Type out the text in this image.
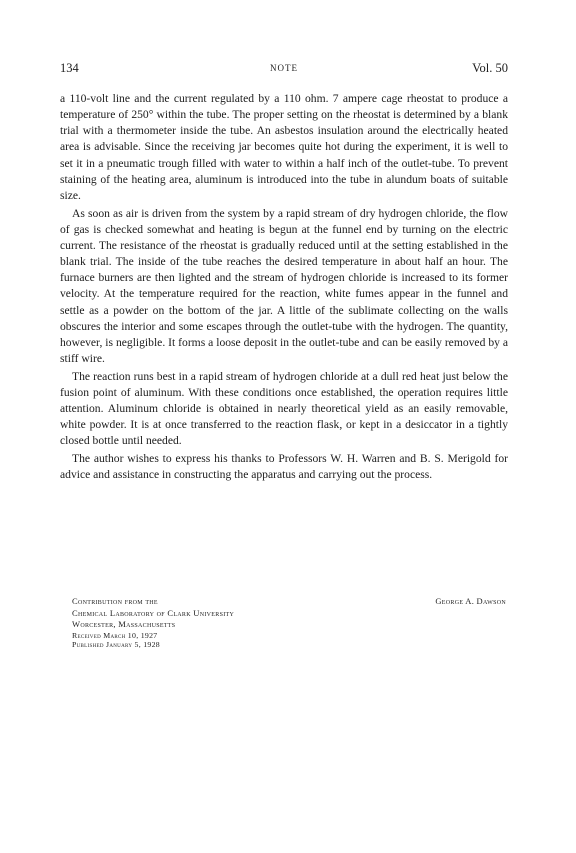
134	NOTE	Vol. 50

a 110-volt line and the current regulated by a 110 ohm. 7 ampere cage rheostat to produce a temperature of 250° within the tube. The proper setting on the rheostat is determined by a blank trial with a thermometer inside the tube. An asbestos insulation around the electrically heated area is advisable. Since the receiving jar becomes quite hot during the experiment, it is well to set it in a pneumatic trough filled with water to within a half inch of the outlet-tube. To prevent staining of the heating area, aluminum is introduced into the tube in alundum boats of suitable size.

As soon as air is driven from the system by a rapid stream of dry hydrogen chloride, the flow of gas is checked somewhat and heating is begun at the funnel end by turning on the electric current. The resistance of the rheostat is gradually reduced until at the setting established in the blank trial. The inside of the tube reaches the desired temperature in about half an hour. The furnace burners are then lighted and the stream of hydrogen chloride is increased to its former velocity. At the temperature required for the reaction, white fumes appear in the funnel and settle as a powder on the bottom of the jar. A little of the sublimate collecting on the walls obscures the interior and some escapes through the outlet-tube with the hydrogen. The quantity, however, is negligible. It forms a loose deposit in the outlet-tube and can be easily removed by a stiff wire.

The reaction runs best in a rapid stream of hydrogen chloride at a dull red heat just below the fusion point of aluminum. With these conditions once established, the operation requires little attention. Aluminum chloride is obtained in nearly theoretical yield as an easily removable, white powder. It is at once transferred to the reaction flask, or kept in a desiccator in a tightly closed bottle until needed.

The author wishes to express his thanks to Professors W. H. Warren and B. S. Merigold for advice and assistance in constructing the apparatus and carrying out the process.

Contribution from the
Chemical Laboratory of Clark University
Worcester, Massachusetts
Received March 10, 1927
Published January 5, 1928
George A. Dawson
